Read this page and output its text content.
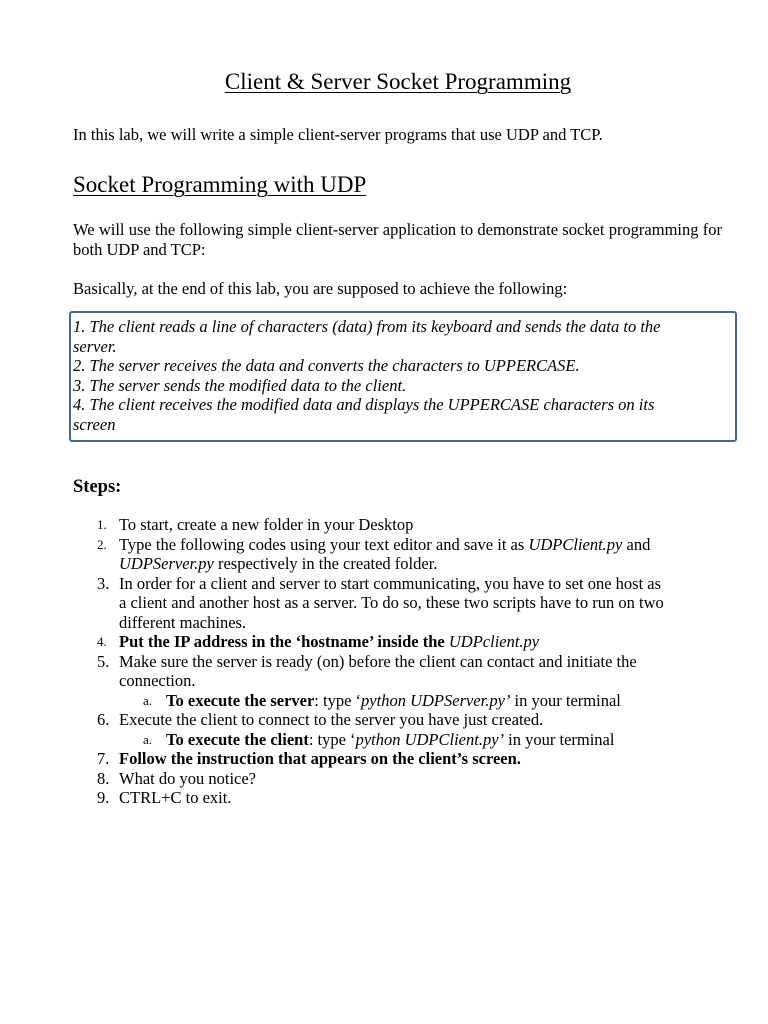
Client & Server Socket Programming
In this lab, we will write a simple client-server programs that use UDP and TCP.
Socket Programming with UDP
We will use the following simple client-server application to demonstrate socket programming for both UDP and TCP:
Basically, at the end of this lab, you are supposed to achieve the following:
1. The client reads a line of characters (data) from its keyboard and sends the data to the
server.
2. The server receives the data and converts the characters to UPPERCASE.
3. The server sends the modified data to the client.
4. The client receives the modified data and displays the UPPERCASE characters on its
screen
Steps:
1. To start, create a new folder in your Desktop
2. Type the following codes using your text editor and save it as UDPClient.py and
UDPServer.py respectively in the created folder.
3. In order for a client and server to start communicating, you have to set one host as
a client and another host as a server. To do so, these two scripts have to run on two
different machines.
4. Put the IP address in the ‘hostname’ inside the UDPclient.py
5. Make sure the server is ready (on) before the client can contact and initiate the
connection.
a. To execute the server: type ‘python UDPServer.py’ in your terminal
6. Execute the client to connect to the server you have just created.
a. To execute the client: type ‘python UDPClient.py’ in your terminal
7. Follow the instruction that appears on the client’s screen.
8. What do you notice?
9. CTRL+C to exit.
